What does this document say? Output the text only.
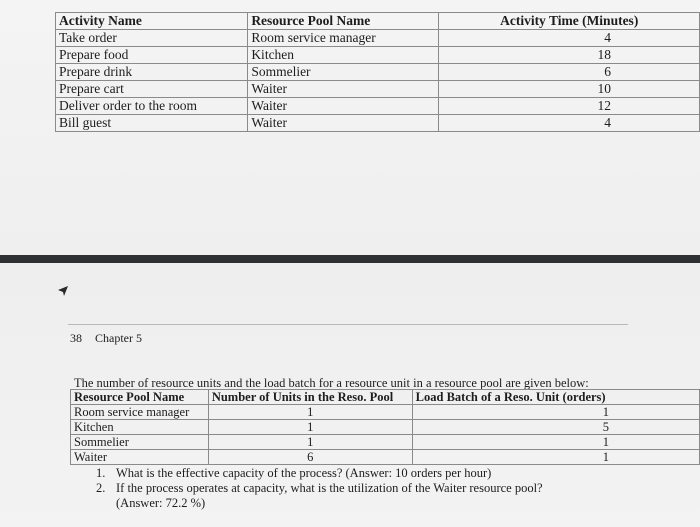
Activity Name	Resource Pool Name	Activity Time (Minutes)
Take order	Room service manager	4
Prepare food	Kitchen	18
Prepare drink	Sommelier	6
Prepare cart	Waiter	10
Deliver order to the room	Waiter	12
Bill guest	Waiter	4
38 Chapter 5
The number of resource units and the load batch for a resource unit in a resource pool are given below:
Resource Pool Name	Number of Units in the Reso. Pool	Load Batch of a Reso. Unit (orders)
Room service manager	1	1
Kitchen	1	5
Sommelier	1	1
Waiter	6	1
1. What is the effective capacity of the process? (Answer: 10 orders per hour)
2. If the process operates at capacity, what is the utilization of the Waiter resource pool?
(Answer: 72.2 %)
